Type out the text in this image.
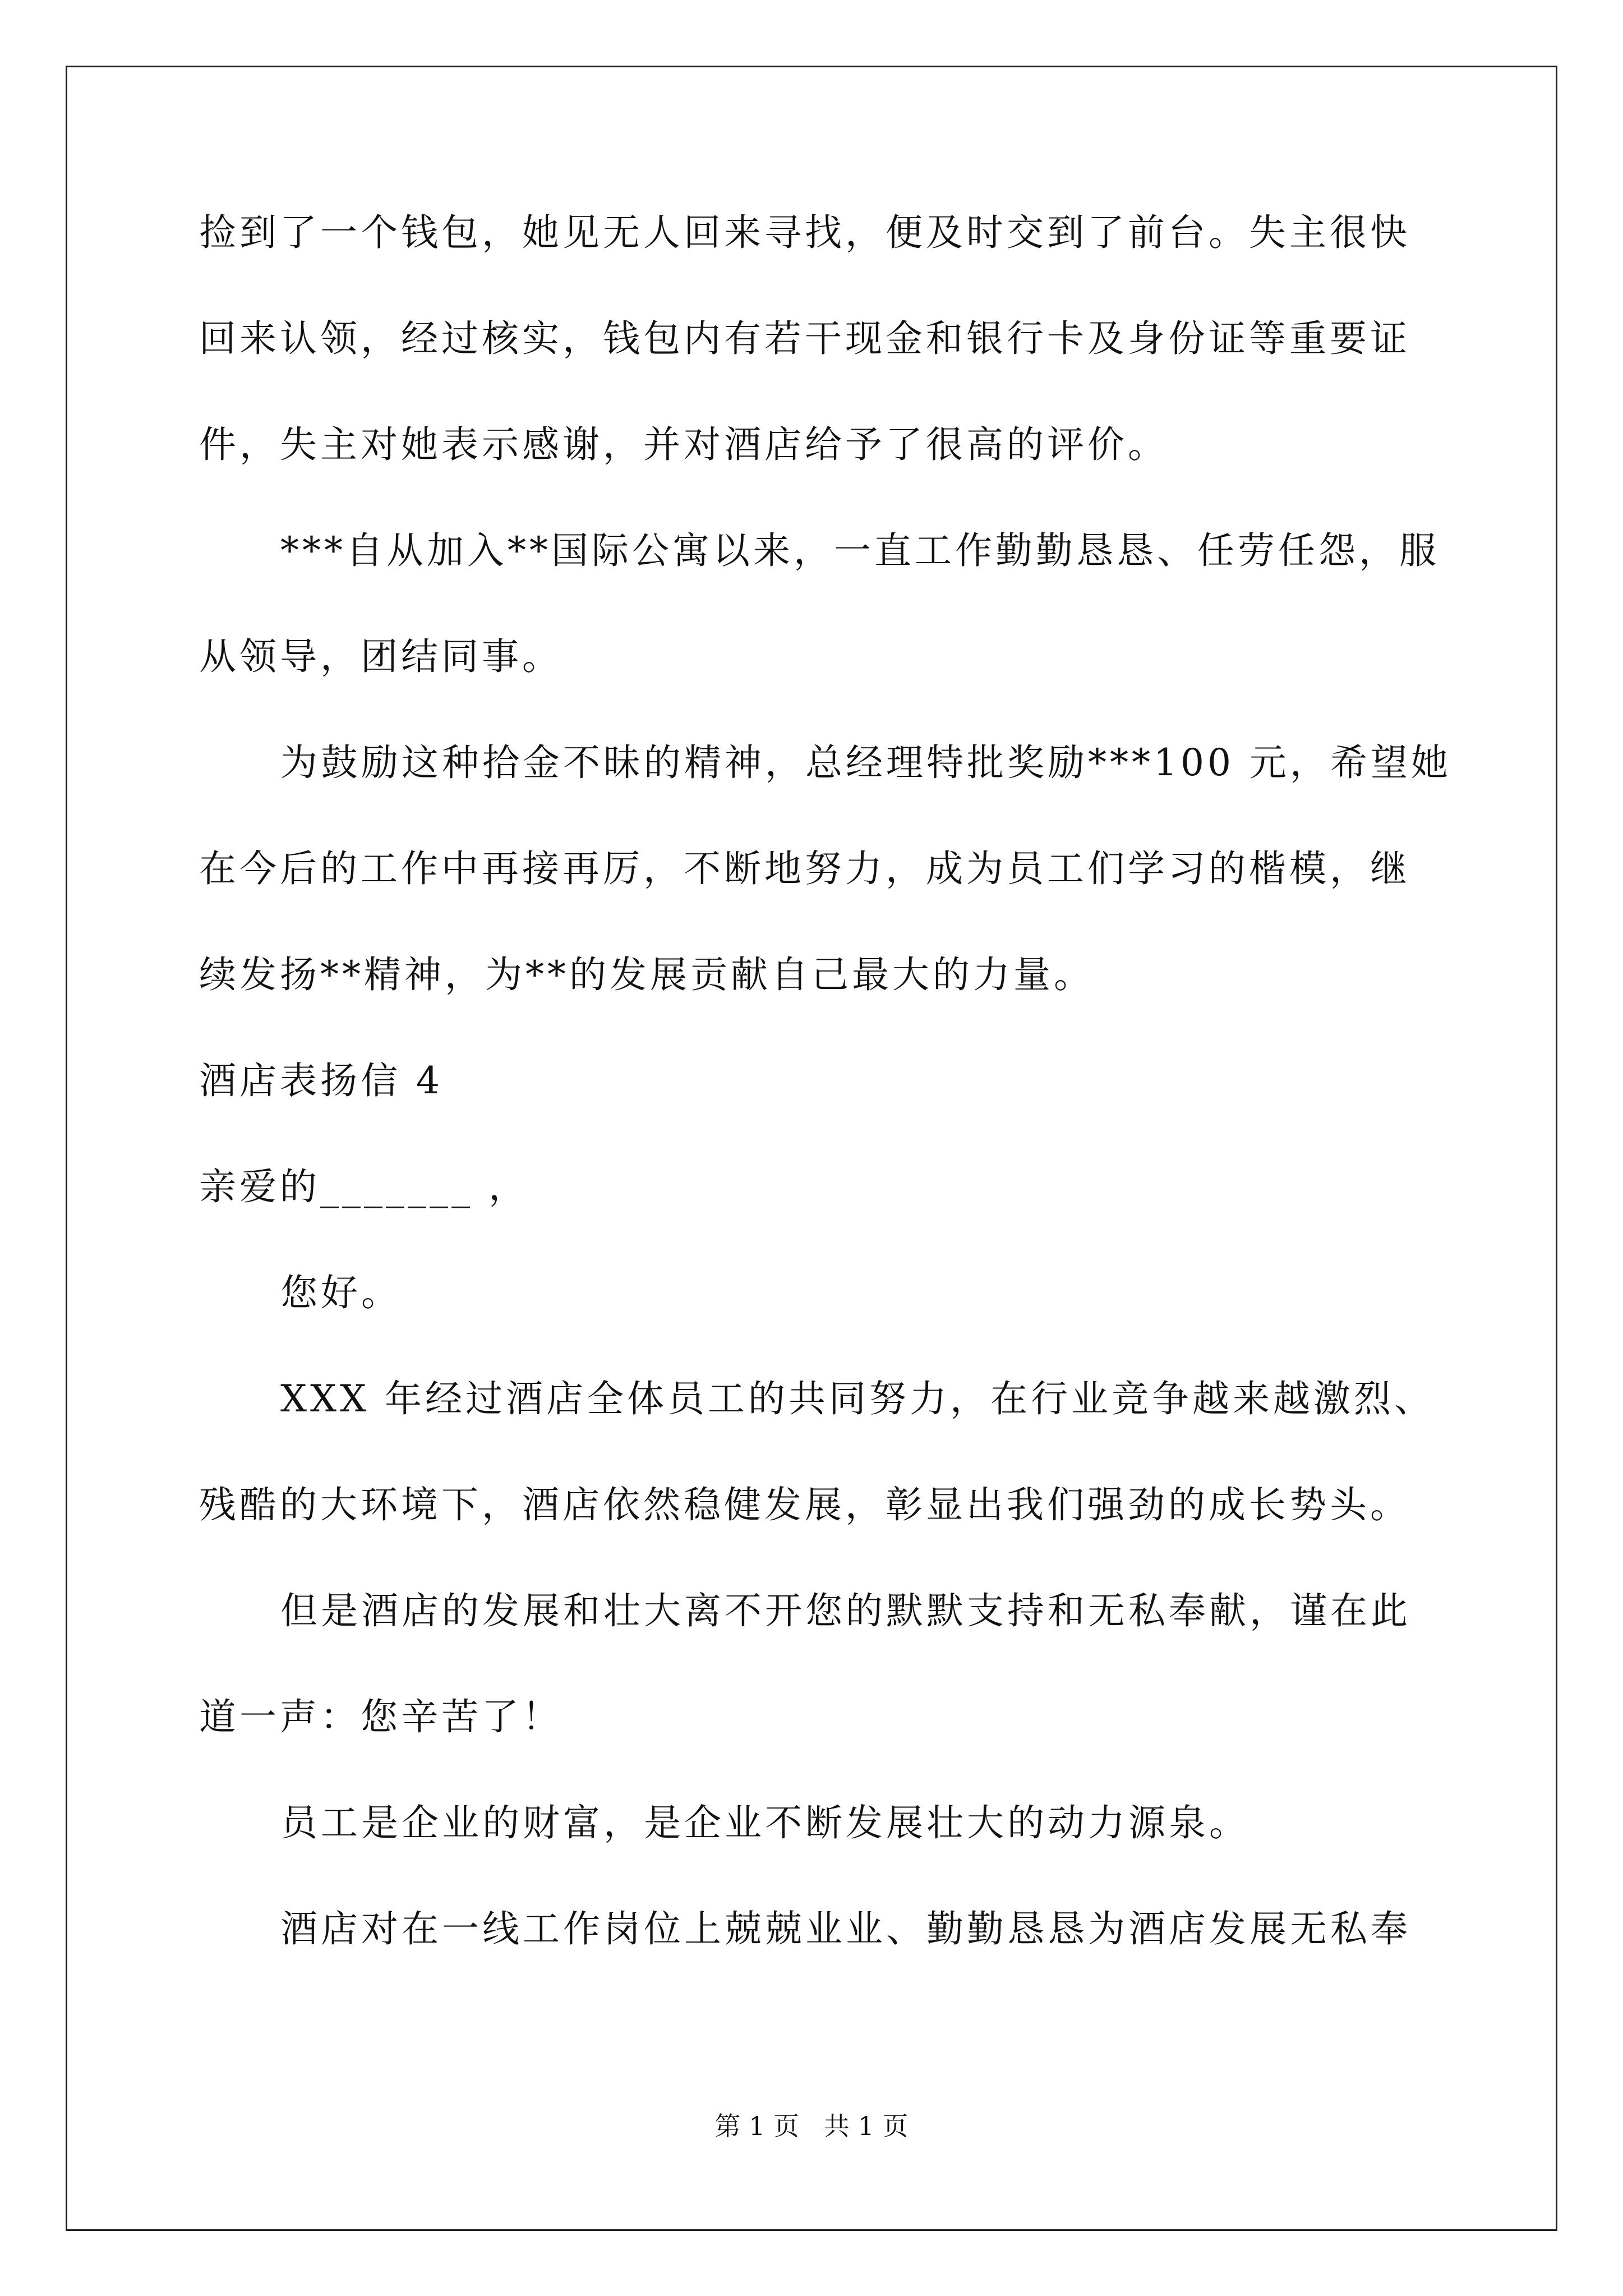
捡到了一个钱包，她见无人回来寻找，便及时交到了前台。失主很快
回来认领，经过核实，钱包内有若干现金和银行卡及身份证等重要证
件，失主对她表示感谢，并对酒店给予了很高的评价。
***自从加入**国际公寓以来，一直工作勤勤恳恳、任劳任怨，服
从领导，团结同事。
为鼓励这种拾金不昧的精神，总经理特批奖励***100 元，希望她
在今后的工作中再接再厉，不断地努力，成为员工们学习的楷模，继
续发扬**精神，为**的发展贡献自己最大的力量。
酒店表扬信 4
亲爱的_______ ，
您好。
XXX 年经过酒店全体员工的共同努力，在行业竞争越来越激烈、
残酷的大环境下，酒店依然稳健发展，彰显出我们强劲的成长势头。
但是酒店的发展和壮大离不开您的默默支持和无私奉献，谨在此
道一声：您辛苦了！
员工是企业的财富，是企业不断发展壮大的动力源泉。
酒店对在一线工作岗位上兢兢业业、勤勤恳恳为酒店发展无私奉
第 1 页   共 1 页
